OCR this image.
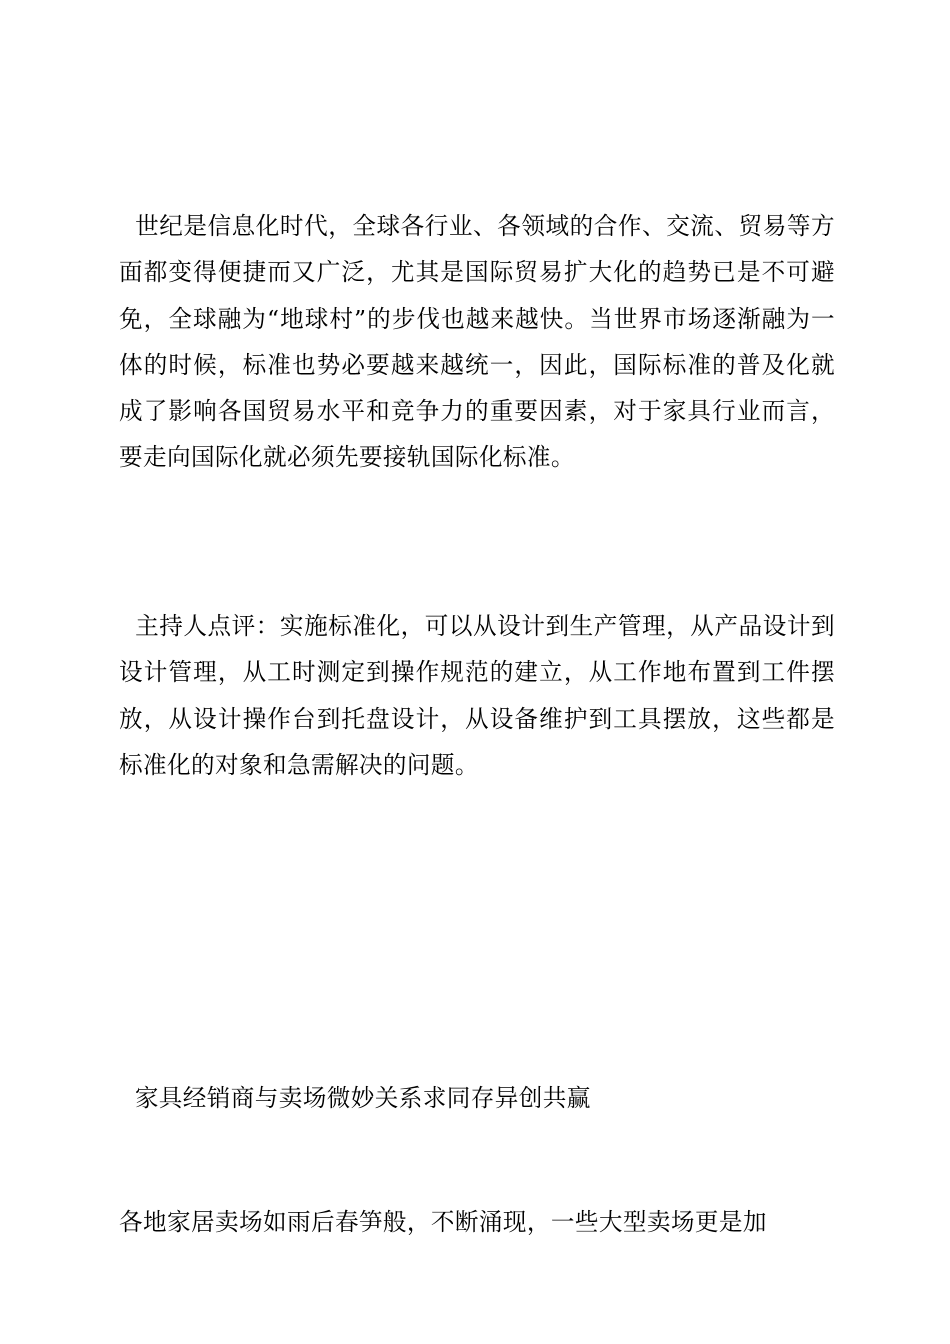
世纪是信息化时代，全球各行业、各领域的合作、交流、贸易等方面都变得便捷而又广泛，尤其是国际贸易扩大化的趋势已是不可避免，全球融为“地球村”的步伐也越来越快。当世界市场逐渐融为一体的时候，标准也势必要越来越统一，因此，国际标准的普及化就成了影响各国贸易水平和竞争力的重要因素，对于家具行业而言，要走向国际化就必须先要接轨国际化标准。

主持人点评：实施标准化，可以从设计到生产管理，从产品设计到设计管理，从工时测定到操作规范的建立，从工作地布置到工件摆放，从设计操作台到托盘设计，从设备维护到工具摆放，这些都是标准化的对象和急需解决的问题。

家具经销商与卖场微妙关系求同存异创共赢

各地家居卖场如雨后春笋般，不断涌现，一些大型卖场更是加
